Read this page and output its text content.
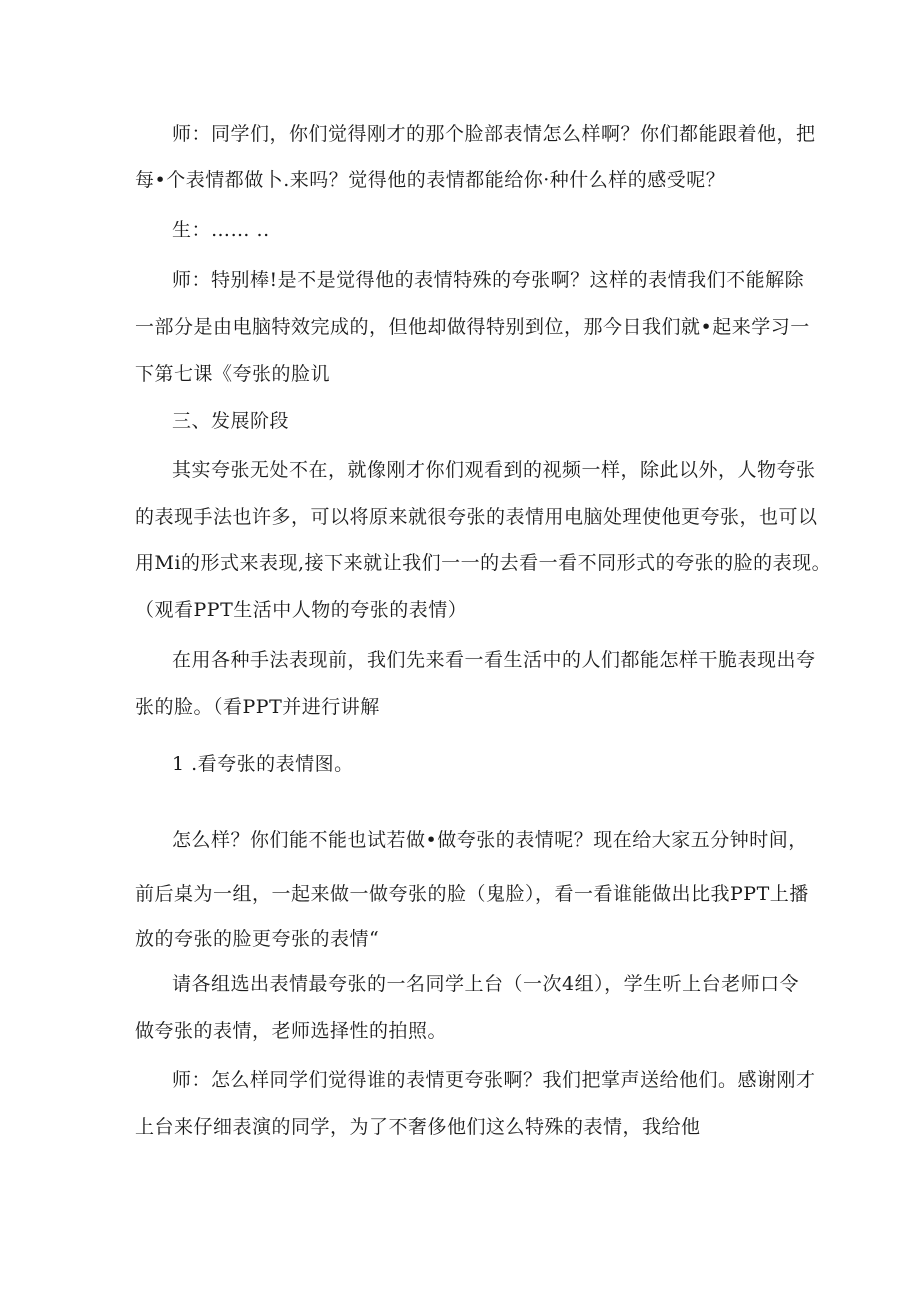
师：同学们，你们觉得刚才的那个脸部表情怎么样啊？你们都能跟着他，把
每•个表情都做卜.来吗？觉得他的表情都能给你·种什么样的感受呢？
生：…… ..
师：特别棒!是不是觉得他的表情特殊的夸张啊？这样的表情我们不能解除
一部分是由电脑特效完成的，但他却做得特别到位，那今日我们就•起来学习一
下第七课《夸张的脸讥
三、发展阶段
其实夸张无处不在，就像刚才你们观看到的视频一样，除此以外，人物夸张
的表现手法也许多，可以将原来就很夸张的表情用电脑处理使他更夸张，也可以
用Mi的形式来表现,接下来就让我们一一的去看一看不同形式的夸张的脸的表现。
（观看PPT生活中人物的夸张的表情）
在用各种手法表现前，我们先来看一看生活中的人们都能怎样干脆表现出夸
张的脸。（看PPT并进行讲解
1 .看夸张的表情图。
怎么样？你们能不能也试若做•做夸张的表情呢？现在给大家五分钟时间，
前后桌为一组，一起来做一做夸张的脸（鬼脸），看一看谁能做出比我PPT上播
放的夸张的脸更夸张的表情“
请各组选出表情最夸张的一名同学上台（一次4组），学生听上台老师口令
做夸张的表情，老师选择性的拍照。
师：怎么样同学们觉得谁的表情更夸张啊？我们把掌声送给他们。感谢刚才
上台来仔细表演的同学，为了不奢侈他们这么特殊的表情，我给他
